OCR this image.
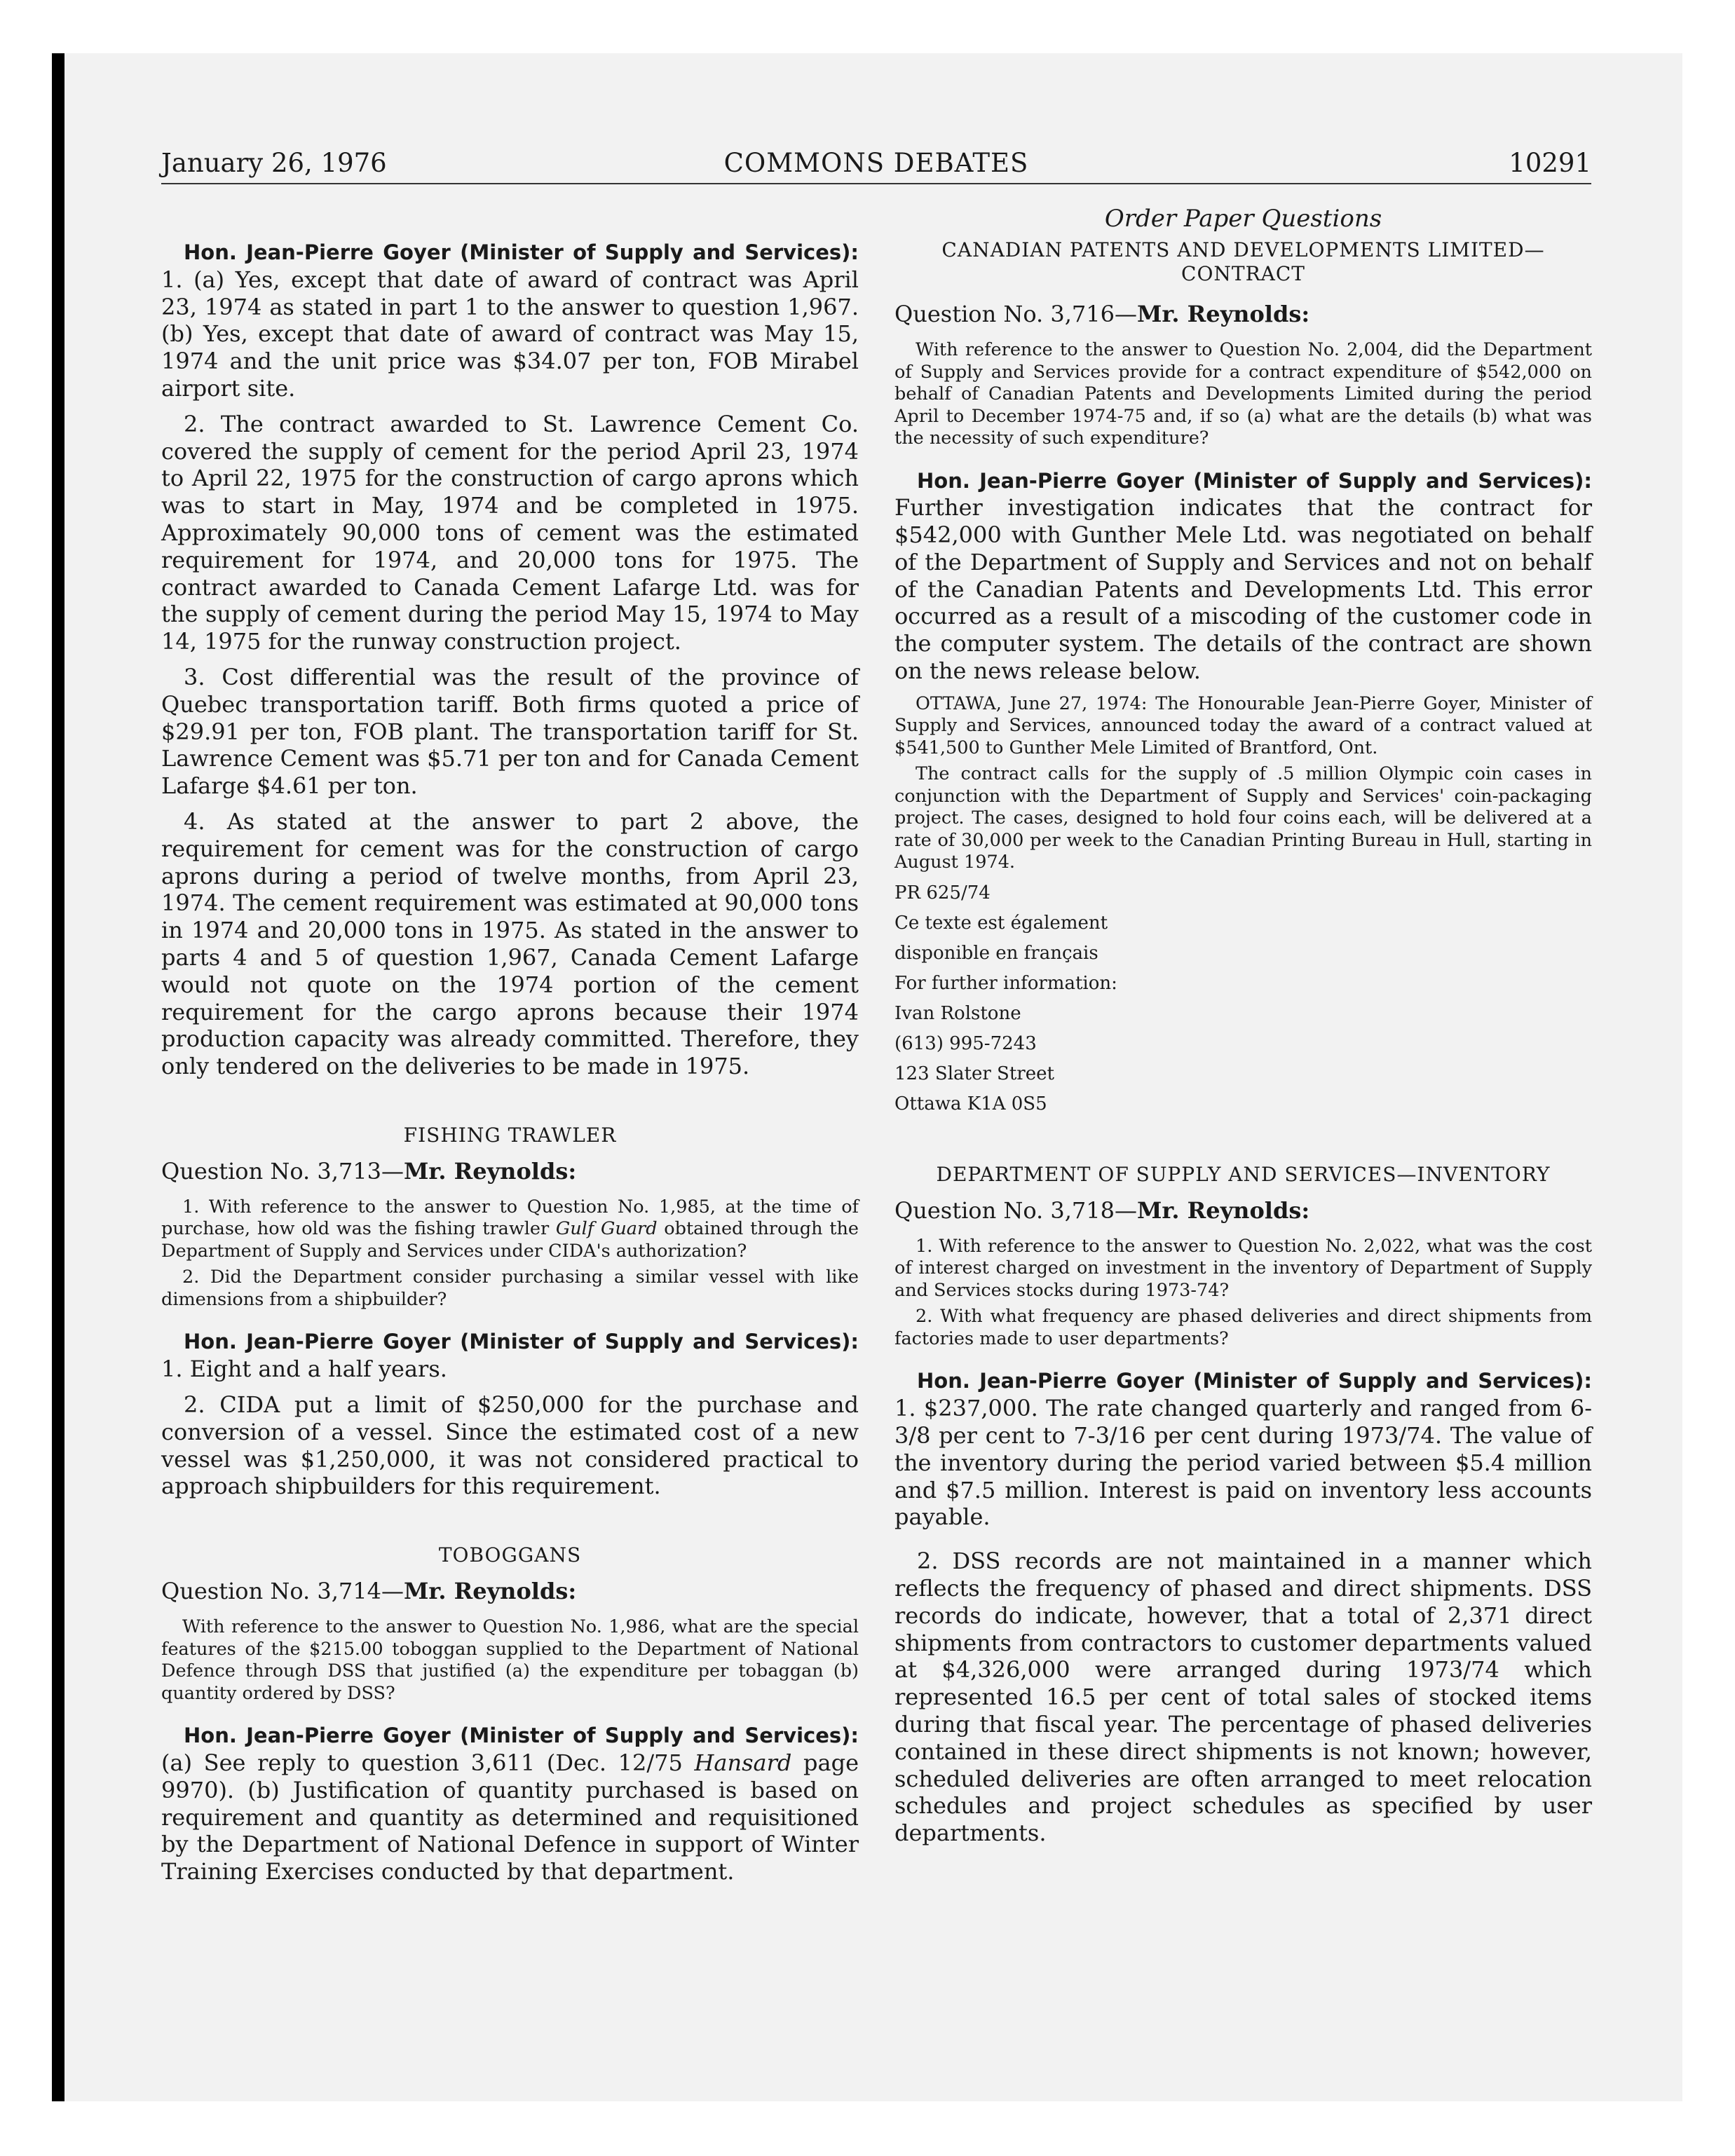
January 26, 1976	COMMONS DEBATES	10291

Hon. Jean-Pierre Goyer (Minister of Supply and Services): 1. (a) Yes, except that date of award of contract was April 23, 1974 as stated in part 1 to the answer to question 1,967. (b) Yes, except that date of award of contract was May 15, 1974 and the unit price was $34.07 per ton, FOB Mirabel airport site.

2. The contract awarded to St. Lawrence Cement Co. covered the supply of cement for the period April 23, 1974 to April 22, 1975 for the construction of cargo aprons which was to start in May, 1974 and be completed in 1975. Approximately 90,000 tons of cement was the estimated requirement for 1974, and 20,000 tons for 1975. The contract awarded to Canada Cement Lafarge Ltd. was for the supply of cement during the period May 15, 1974 to May 14, 1975 for the runway construction project.

3. Cost differential was the result of the province of Quebec transportation tariff. Both firms quoted a price of $29.91 per ton, FOB plant. The transportation tariff for St. Lawrence Cement was $5.71 per ton and for Canada Cement Lafarge $4.61 per ton.

4. As stated at the answer to part 2 above, the requirement for cement was for the construction of cargo aprons during a period of twelve months, from April 23, 1974. The cement requirement was estimated at 90,000 tons in 1974 and 20,000 tons in 1975. As stated in the answer to parts 4 and 5 of question 1,967, Canada Cement Lafarge would not quote on the 1974 portion of the cement requirement for the cargo aprons because their 1974 production capacity was already committed. Therefore, they only tendered on the deliveries to be made in 1975.

FISHING TRAWLER

Question No. 3,713—Mr. Reynolds:

1. With reference to the answer to Question No. 1,985, at the time of purchase, how old was the fishing trawler Gulf Guard obtained through the Department of Supply and Services under CIDA's authorization?

2. Did the Department consider purchasing a similar vessel with like dimensions from a shipbuilder?

Hon. Jean-Pierre Goyer (Minister of Supply and Services): 1. Eight and a half years.

2. CIDA put a limit of $250,000 for the purchase and conversion of a vessel. Since the estimated cost of a new vessel was $1,250,000, it was not considered practical to approach shipbuilders for this requirement.

TOBOGGANS

Question No. 3,714—Mr. Reynolds:

With reference to the answer to Question No. 1,986, what are the special features of the $215.00 toboggan supplied to the Department of National Defence through DSS that justified (a) the expenditure per tobaggan (b) quantity ordered by DSS?

Hon. Jean-Pierre Goyer (Minister of Supply and Services): (a) See reply to question 3,611 (Dec. 12/75 Hansard page 9970). (b) Justification of quantity purchased is based on requirement and quantity as determined and requisitioned by the Department of National Defence in support of Winter Training Exercises conducted by that department.

Order Paper Questions

CANADIAN PATENTS AND DEVELOPMENTS LIMITED—
CONTRACT

Question No. 3,716—Mr. Reynolds:

With reference to the answer to Question No. 2,004, did the Department of Supply and Services provide for a contract expenditure of $542,000 on behalf of Canadian Patents and Developments Limited during the period April to December 1974-75 and, if so (a) what are the details (b) what was the necessity of such expenditure?

Hon. Jean-Pierre Goyer (Minister of Supply and Services): Further investigation indicates that the contract for $542,000 with Gunther Mele Ltd. was negotiated on behalf of the Department of Supply and Services and not on behalf of the Canadian Patents and Developments Ltd. This error occurred as a result of a miscoding of the customer code in the computer system. The details of the contract are shown on the news release below.

OTTAWA, June 27, 1974: The Honourable Jean-Pierre Goyer, Minister of Supply and Services, announced today the award of a contract valued at $541,500 to Gunther Mele Limited of Brantford, Ont.

The contract calls for the supply of .5 million Olympic coin cases in conjunction with the Department of Supply and Services' coin-packaging project. The cases, designed to hold four coins each, will be delivered at a rate of 30,000 per week to the Canadian Printing Bureau in Hull, starting in August 1974.

PR 625/74

Ce texte est également

disponible en français

For further information:

Ivan Rolstone

(613) 995-7243

123 Slater Street

Ottawa K1A 0S5

DEPARTMENT OF SUPPLY AND SERVICES—INVENTORY

Question No. 3,718—Mr. Reynolds:

1. With reference to the answer to Question No. 2,022, what was the cost of interest charged on investment in the inventory of Department of Supply and Services stocks during 1973-74?

2. With what frequency are phased deliveries and direct shipments from factories made to user departments?

Hon. Jean-Pierre Goyer (Minister of Supply and Services): 1. $237,000. The rate changed quarterly and ranged from 6-3/8 per cent to 7-3/16 per cent during 1973/74. The value of the inventory during the period varied between $5.4 million and $7.5 million. Interest is paid on inventory less accounts payable.

2. DSS records are not maintained in a manner which reflects the frequency of phased and direct shipments. DSS records do indicate, however, that a total of 2,371 direct shipments from contractors to customer departments valued at $4,326,000 were arranged during 1973/74 which represented 16.5 per cent of total sales of stocked items during that fiscal year. The percentage of phased deliveries contained in these direct shipments is not known; however, scheduled deliveries are often arranged to meet relocation schedules and project schedules as specified by user departments.
